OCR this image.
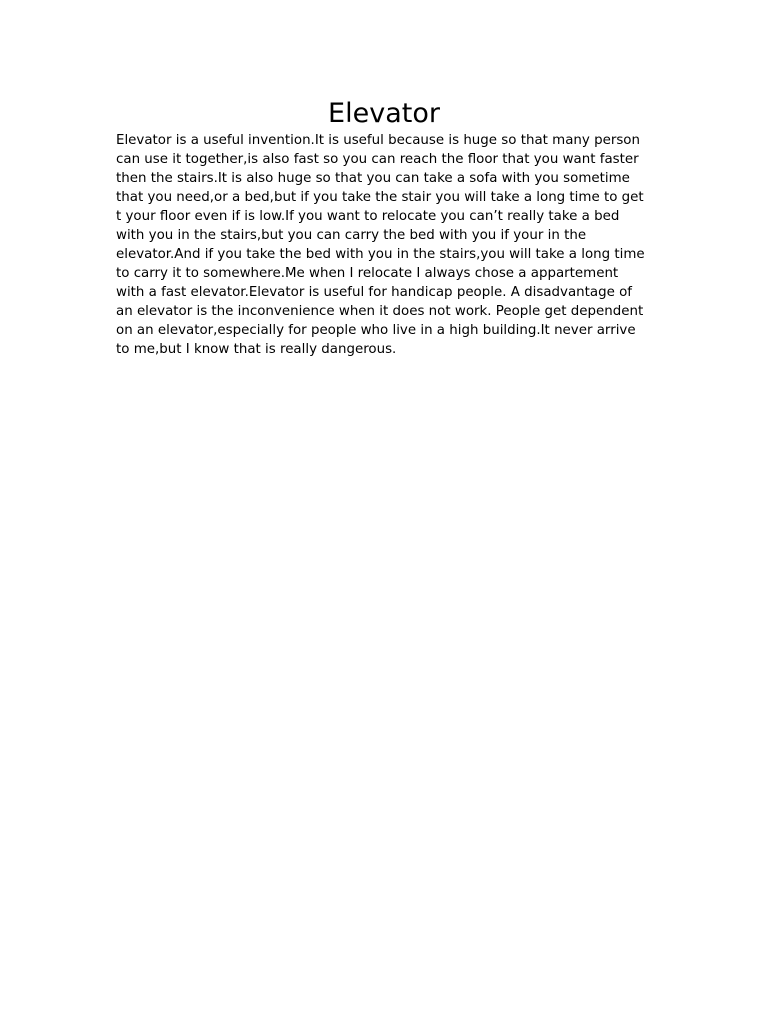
Elevator
Elevator is a useful invention.It is useful because is huge so that many person
can use it together,is also fast so you can reach the floor that you want faster
then the stairs.It is also huge so that you can take a sofa with you sometime
that you need,or a bed,but if you take the stair you will take a long time to get
t your floor even if is low.If you want to relocate you can’t really take a bed
with you in the stairs,but you can carry the bed with you if your in the
elevator.And if you take the bed with you in the stairs,you will take a long time
to carry it to somewhere.Me when I relocate I always chose a appartement
with a fast elevator.Elevator is useful for handicap people. A disadvantage of
an elevator is the inconvenience when it does not work. People get dependent
on an elevator,especially for people who live in a high building.It never arrive
to me,but I know that is really dangerous.
